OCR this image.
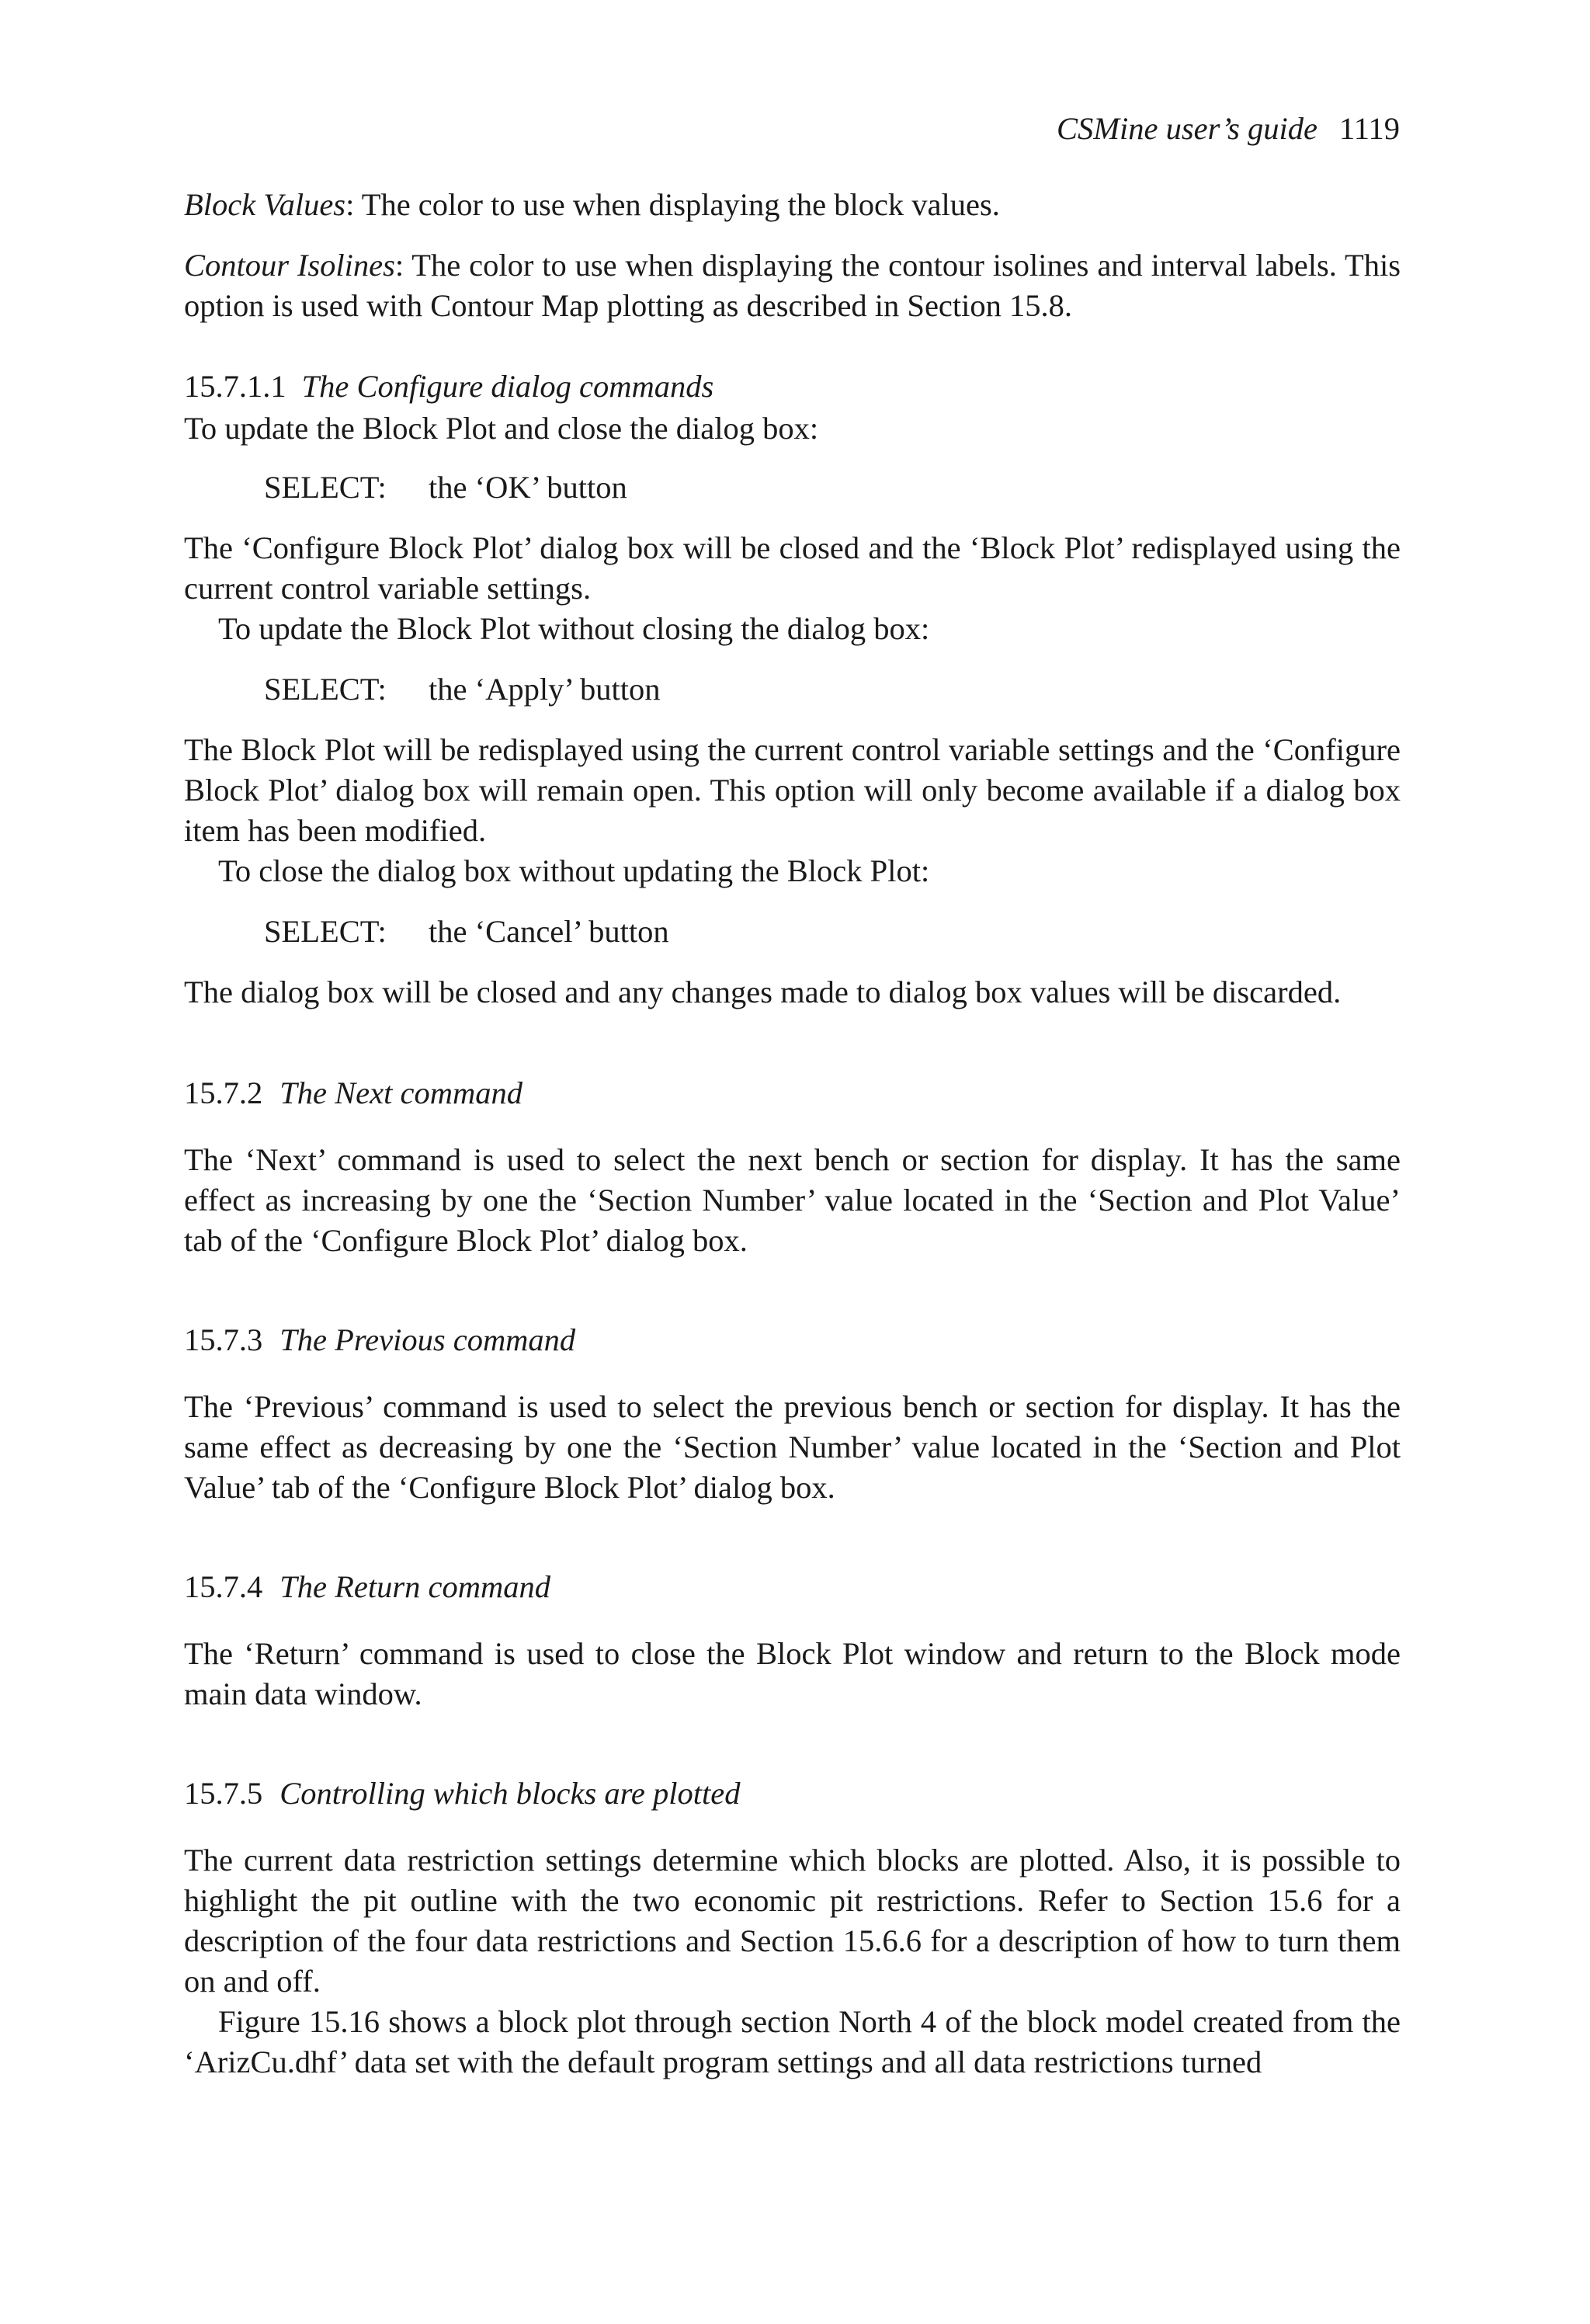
CSMine user’s guide 1119

Block Values: The color to use when displaying the block values.

Contour Isolines: The color to use when displaying the contour isolines and interval labels. This option is used with Contour Map plotting as described in Section 15.8.

15.7.1.1 The Configure dialog commands

To update the Block Plot and close the dialog box:

SELECT: the ‘OK’ button

The ‘Configure Block Plot’ dialog box will be closed and the ‘Block Plot’ redisplayed using the current control variable settings.

To update the Block Plot without closing the dialog box:

SELECT: the ‘Apply’ button

The Block Plot will be redisplayed using the current control variable settings and the ‘Configure Block Plot’ dialog box will remain open. This option will only become available if a dialog box item has been modified.

To close the dialog box without updating the Block Plot:

SELECT: the ‘Cancel’ button

The dialog box will be closed and any changes made to dialog box values will be discarded.

15.7.2 The Next command

The ‘Next’ command is used to select the next bench or section for display. It has the same effect as increasing by one the ‘Section Number’ value located in the ‘Section and Plot Value’ tab of the ‘Configure Block Plot’ dialog box.

15.7.3 The Previous command

The ‘Previous’ command is used to select the previous bench or section for display. It has the same effect as decreasing by one the ‘Section Number’ value located in the ‘Section and Plot Value’ tab of the ‘Configure Block Plot’ dialog box.

15.7.4 The Return command

The ‘Return’ command is used to close the Block Plot window and return to the Block mode main data window.

15.7.5 Controlling which blocks are plotted

The current data restriction settings determine which blocks are plotted. Also, it is possible to highlight the pit outline with the two economic pit restrictions. Refer to Section 15.6 for a description of the four data restrictions and Section 15.6.6 for a description of how to turn them on and off.

Figure 15.16 shows a block plot through section North 4 of the block model created from the ‘ArizCu.dhf’ data set with the default program settings and all data restrictions turned
